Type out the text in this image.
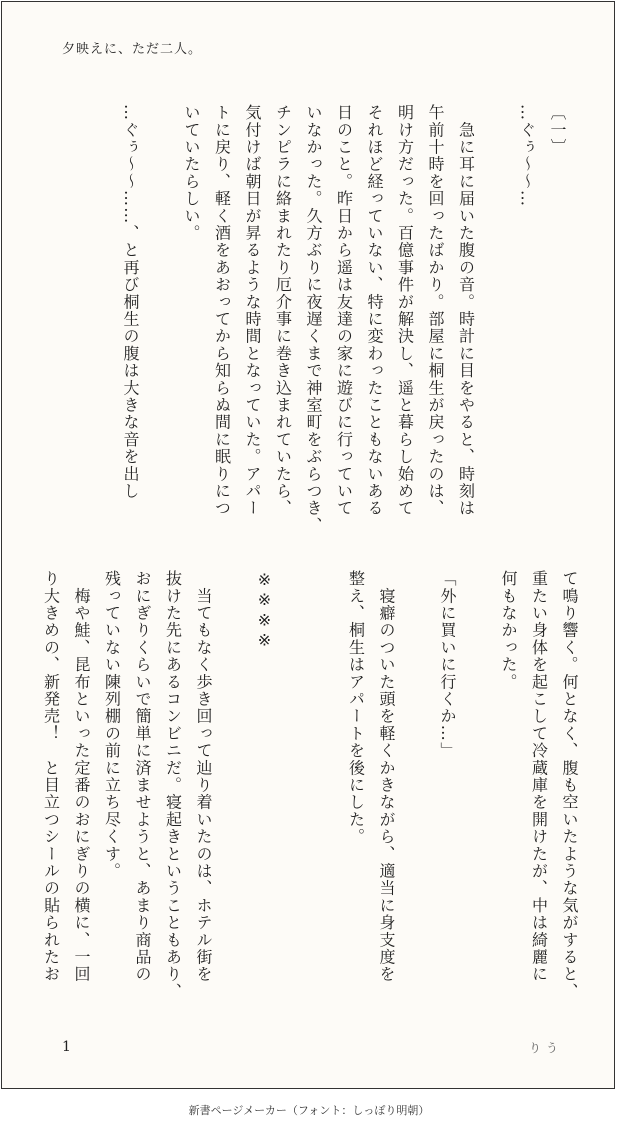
夕映えに、ただ二人。
〔一〕
…ぐぅ〜〜…

　急に耳に届いた腹の音。時計に目をやると、時刻は
午前十時を回ったばかり。部屋に桐生が戻ったのは、
明け方だった。百億事件が解決し、遥と暮らし始めて
それほど経っていない、特に変わったこともないある
日のこと。昨日から遥は友達の家に遊びに行っていて
いなかった。久方ぶりに夜遅くまで神室町をぶらつき、
チンピラに絡まれたり厄介事に巻き込まれていたら、
気付けば朝日が昇るような時間となっていた。アパー
トに戻り、軽く酒をあおってから知らぬ間に眠りにつ
いていたらしい。

…ぐぅ〜〜……、と再び桐生の腹は大きな音を出し
て鳴り響く。何となく、腹も空いたような気がすると、
重たい身体を起こして冷蔵庫を開けたが、中は綺麗に
何もなかった。

「外に買いに行くか…」

　寝癖のついた頭を軽くかきながら、適当に身支度を
整え、桐生はアパートを後にした。

※※※※

　当てもなく歩き回って辿り着いたのは、ホテル街を
抜けた先にあるコンビニだ。寝起きということもあり、
おにぎりくらいで簡単に済ませようと、あまり商品の
残っていない陳列棚の前に立ち尽くす。
　梅や鮭、昆布といった定番のおにぎりの横に、一回
り大きめの、新発売！　と目立つシールの貼られたお
1	りう
新書ページメーカー（フォント：しっぽり明朝）
